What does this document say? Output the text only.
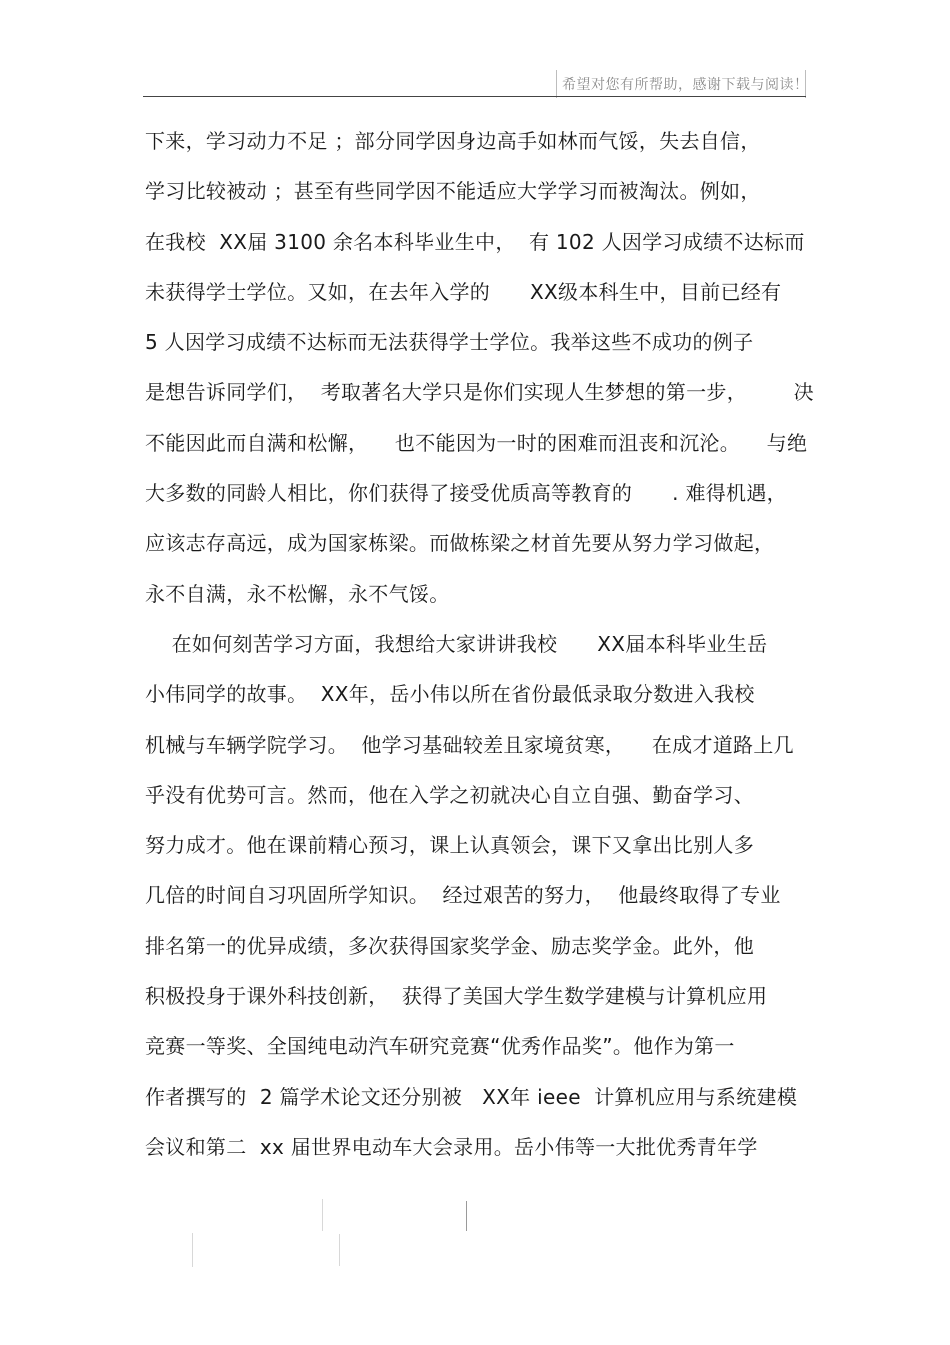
希望对您有所帮助，感谢下载与阅读！
下来，学习动力不足 ；部分同学因身边高手如林而气馁，失去自信，
学习比较被动 ；甚至有些同学因不能适应大学学习而被淘汰。例如，
在我校  XX届 3100 余名本科毕业生中，  有 102 人因学习成绩不达标而
未获得学士学位。又如，在去年入学的      XX级本科生中，目前已经有
5 人因学习成绩不达标而无法获得学士学位。我举这些不成功的例子
是想告诉同学们，  考取著名大学只是你们实现人生梦想的第一步，       决
不能因此而自满和松懈，    也不能因为一时的困难而沮丧和沉沦。    与绝
大多数的同龄人相比，你们获得了接受优质高等教育的      . 难得机遇，
应该志存高远，成为国家栋梁。而做栋梁之材首先要从努力学习做起，
永不自满，永不松懈，永不气馁。
在如何刻苦学习方面，我想给大家讲讲我校      XX届本科毕业生岳
小伟同学的故事。  XX年，岳小伟以所在省份最低录取分数进入我校
机械与车辆学院学习。  他学习基础较差且家境贫寒，    在成才道路上几
乎没有优势可言。然而，他在入学之初就决心自立自强、勤奋学习、
努力成才。他在课前精心预习，课上认真领会，课下又拿出比别人多
几倍的时间自习巩固所学知识。  经过艰苦的努力，  他最终取得了专业
排名第一的优异成绩，多次获得国家奖学金、励志奖学金。此外，他
积极投身于课外科技创新，  获得了美国大学生数学建模与计算机应用
竞赛一等奖、全国纯电动汽车研究竞赛“优秀作品奖”。他作为第一
作者撰写的  2 篇学术论文还分别被   XX年 ieee  计算机应用与系统建模
会议和第二  xx 届世界电动车大会录用。岳小伟等一大批优秀青年学
